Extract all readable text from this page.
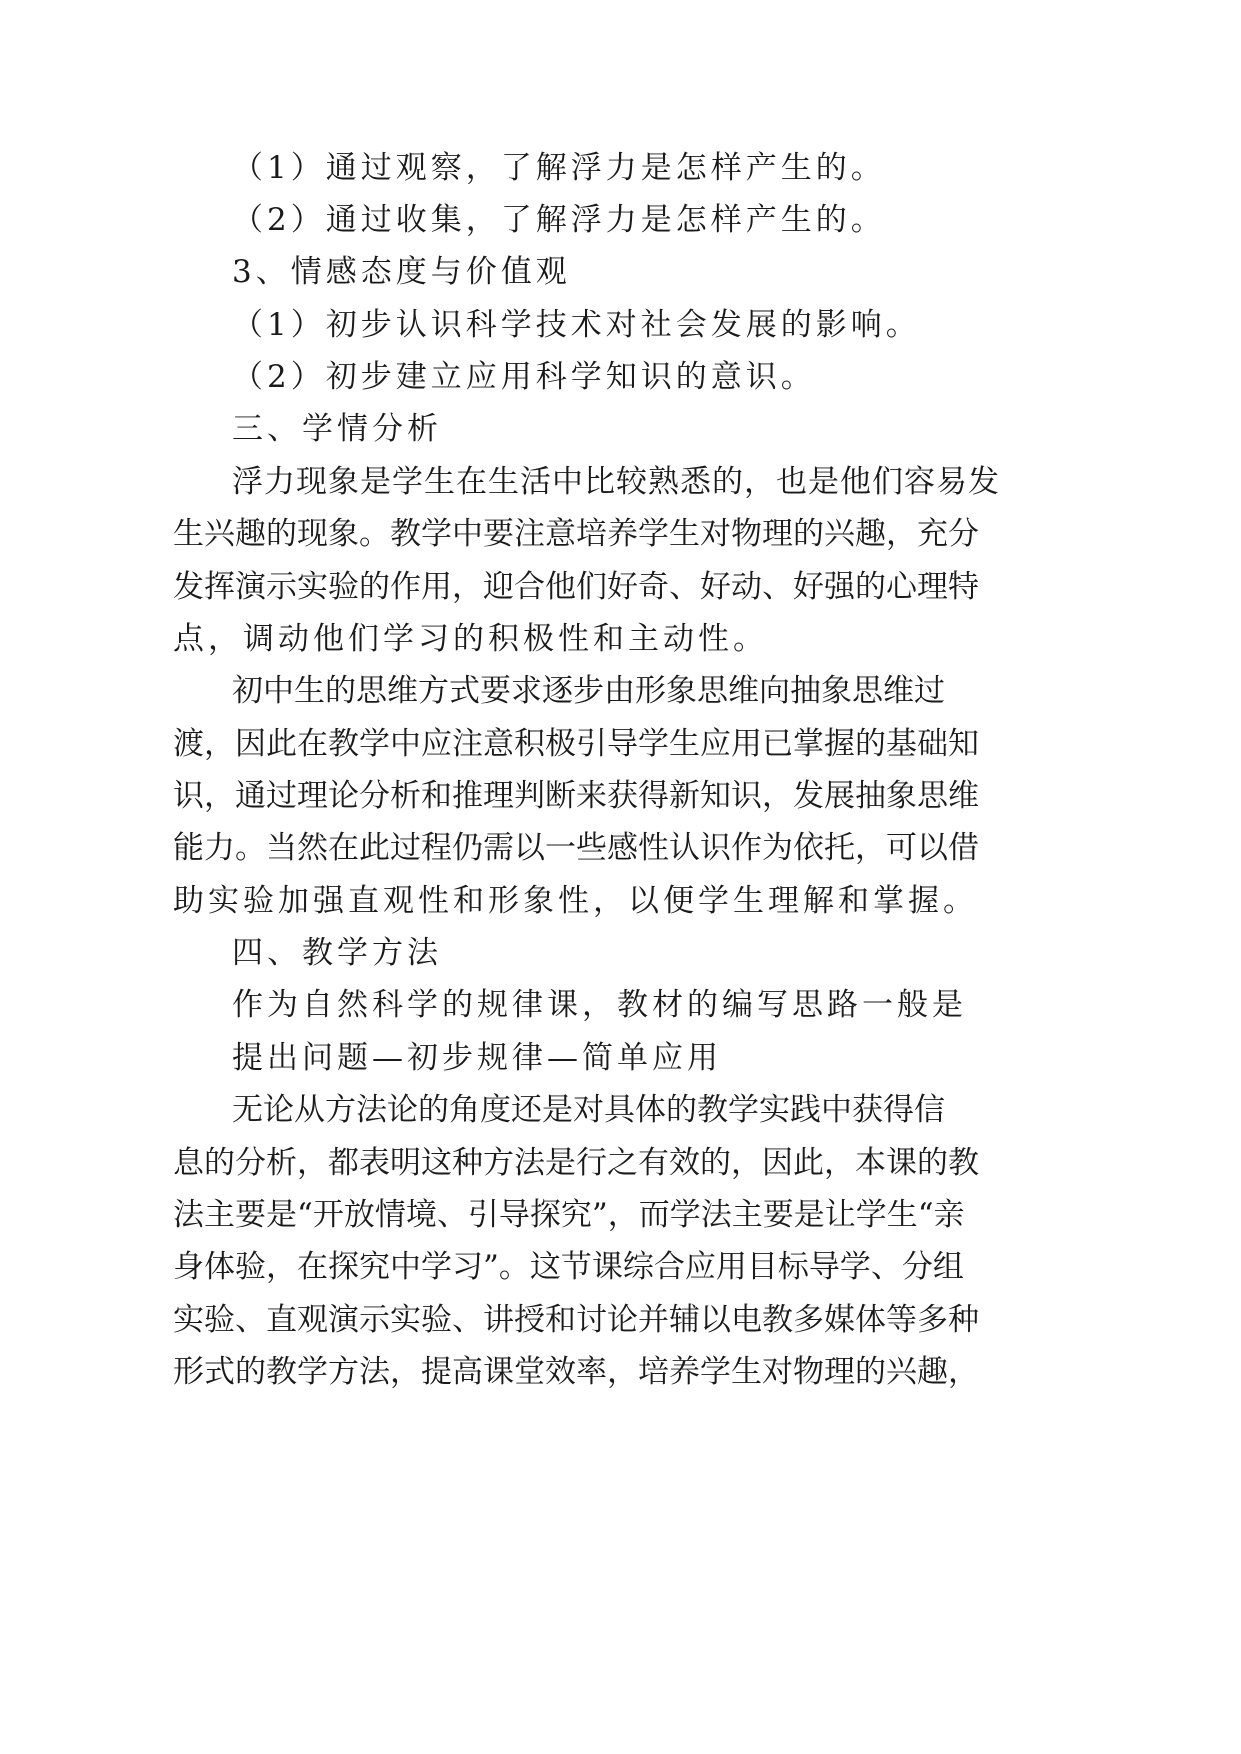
（1）通过观察，了解浮力是怎样产生的。
（2）通过收集，了解浮力是怎样产生的。
3、情感态度与价值观
（1）初步认识科学技术对社会发展的影响。
（2）初步建立应用科学知识的意识。
三、学情分析
浮力现象是学生在生活中比较熟悉的，也是他们容易发
生兴趣的现象。教学中要注意培养学生对物理的兴趣，充分
发挥演示实验的作用，迎合他们好奇、好动、好强的心理特
点，调动他们学习的积极性和主动性。
初中生的思维方式要求逐步由形象思维向抽象思维过
渡，因此在教学中应注意积极引导学生应用已掌握的基础知
识，通过理论分析和推理判断来获得新知识，发展抽象思维
能力。当然在此过程仍需以一些感性认识作为依托，可以借
助实验加强直观性和形象性，以便学生理解和掌握。
四、教学方法
作为自然科学的规律课，教材的编写思路一般是
提出问题—初步规律—简单应用
无论从方法论的角度还是对具体的教学实践中获得信
息的分析，都表明这种方法是行之有效的，因此，本课的教
法主要是“开放情境、引导探究”，而学法主要是让学生“亲
身体验，在探究中学习”。这节课综合应用目标导学、分组
实验、直观演示实验、讲授和讨论并辅以电教多媒体等多种
形式的教学方法，提高课堂效率，培养学生对物理的兴趣，
